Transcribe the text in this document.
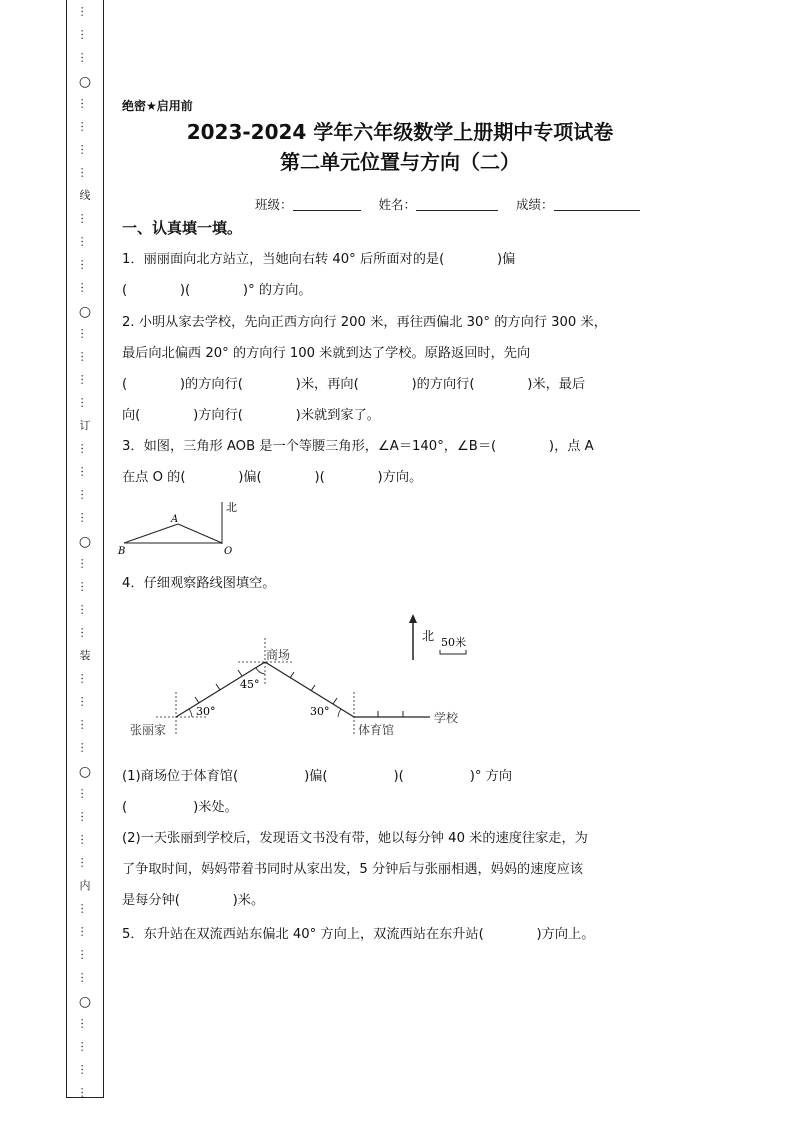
…
…
…
○
…
…
…
…
线
…
…
…
…
○
…
…
…
…
订
…
…
…
…
○
…
…
…
…
装
…
…
…
…
○
…
…
…
…
内
…
…
…
…
○
…
…
…
…
绝密★启用前
2023-2024 学年六年级数学上册期中专项试卷
第二单元位置与方向（二）
班级：	姓名：	成绩：
一、认真填一填。
1．丽丽面向北方站立，当她向右转 40° 后所面对的是(　　　　)偏
(　　　　)(　　　　)° 的方向。
2. 小明从家去学校，先向正西方向行 200 米，再往西偏北 30° 的方向行 300 米，
最后向北偏西 20° 的方向行 100 米就到达了学校。原路返回时，先向
(　　　　)的方向行(　　　　)米，再向(　　　　)的方向行(　　　　)米，最后
向(　　　　)方向行(　　　　)米就到家了。
3．如图，三角形 AOB 是一个等腰三角形，∠A＝140°，∠B＝(　　　　)，点 A
在点 O 的(　　　　)偏(　　　　)(　　　　)方向。
北
A
B	O
4．仔细观察路线图填空。
北 50米
商场
张丽家	体育馆
学校
45°
30°	30°
(1)商场位于体育馆(　　　　　)偏(　　　　　)(　　　　　)° 方向
(　　　　　)米处。
(2)一天张丽到学校后，发现语文书没有带，她以每分钟 40 米的速度往家走，为
了争取时间，妈妈带着书同时从家出发，5 分钟后与张丽相遇，妈妈的速度应该
是每分钟(　　　　)米。
5．东升站在双流西站东偏北 40° 方向上，双流西站在东升站(　　　　)方向上。
